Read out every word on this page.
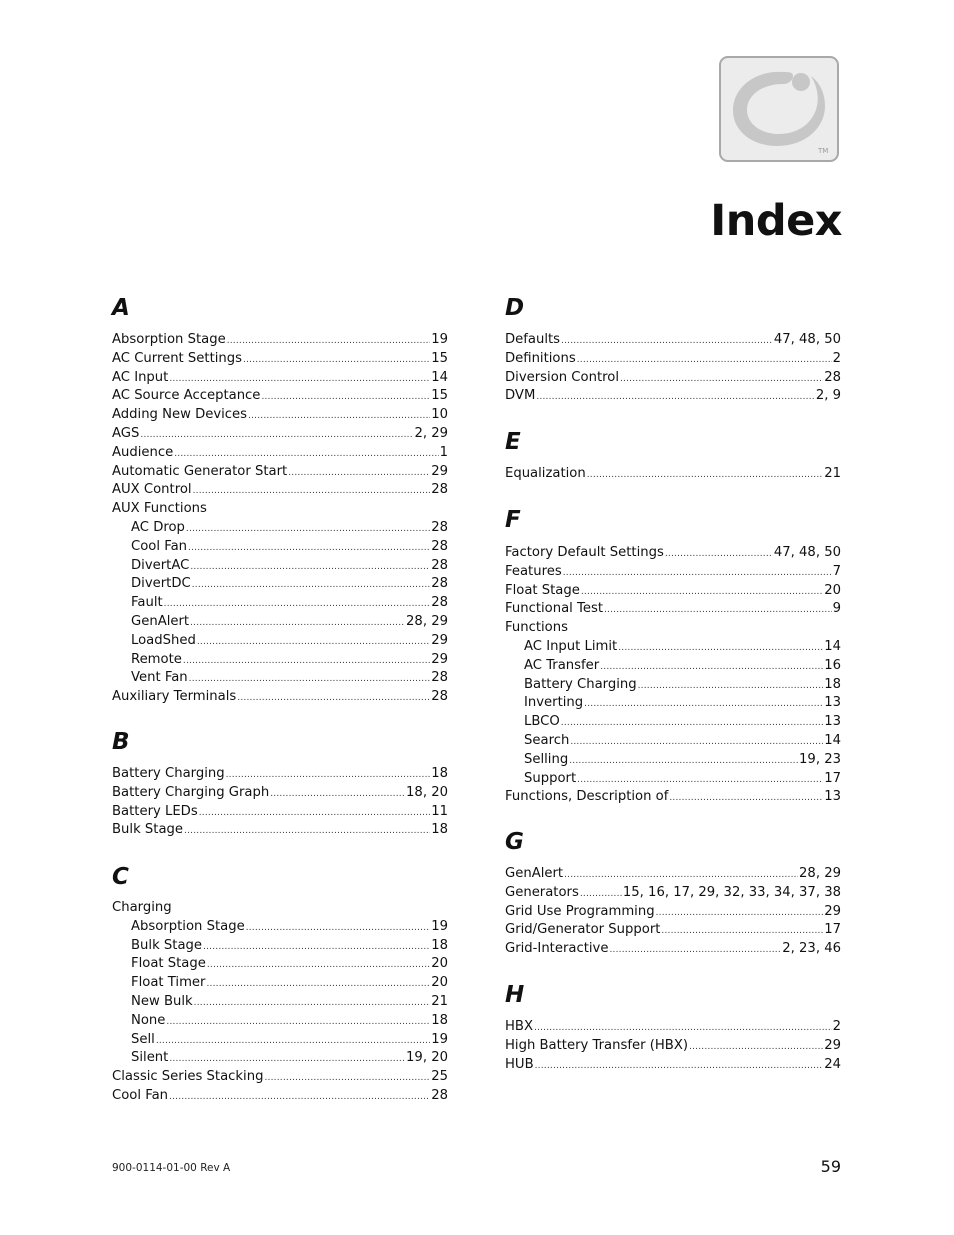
TM
Index
A
Absorption Stage .....	19
AC Current Settings .....	15
AC Input .....	14
AC Source Acceptance .....	15
Adding New Devices .....	10
AGS .....	2, 29
Audience .....	1
Automatic Generator Start .....	29
AUX Control .....	28
AUX Functions
AC Drop .....	28
Cool Fan .....	28
DivertAC .....	28
DivertDC .....	28
Fault .....	28
GenAlert .....	28, 29
LoadShed .....	29
Remote .....	29
Vent Fan .....	28
Auxiliary Terminals .....	28
B
Battery Charging .....	18
Battery Charging Graph .....	18, 20
Battery LEDs .....	11
Bulk Stage .....	18
C
Charging
Absorption Stage .....	19
Bulk Stage .....	18
Float Stage .....	20
Float Timer .....	20
New Bulk .....	21
None .....	18
Sell .....	19
Silent .....	19, 20
Classic Series Stacking .....	25
Cool Fan .....	28
D
Defaults .....	47, 48, 50
Definitions .....	2
Diversion Control .....	28
DVM .....	2, 9
E
Equalization .....	21
F
Factory Default Settings .....	47, 48, 50
Features .....	7
Float Stage .....	20
Functional Test .....	9
Functions
AC Input Limit .....	14
AC Transfer .....	16
Battery Charging .....	18
Inverting .....	13
LBCO .....	13
Search .....	14
Selling .....	19, 23
Support .....	17
Functions, Description of .....	13
G
GenAlert .....	28, 29
Generators .....	15, 16, 17, 29, 32, 33, 34, 37, 38
Grid Use Programming .....	29
Grid/Generator Support .....	17
Grid-Interactive .....	2, 23, 46
H
HBX .....	2
High Battery Transfer (HBX) .....	29
HUB .....	24
900-0114-01-00 Rev A	59
